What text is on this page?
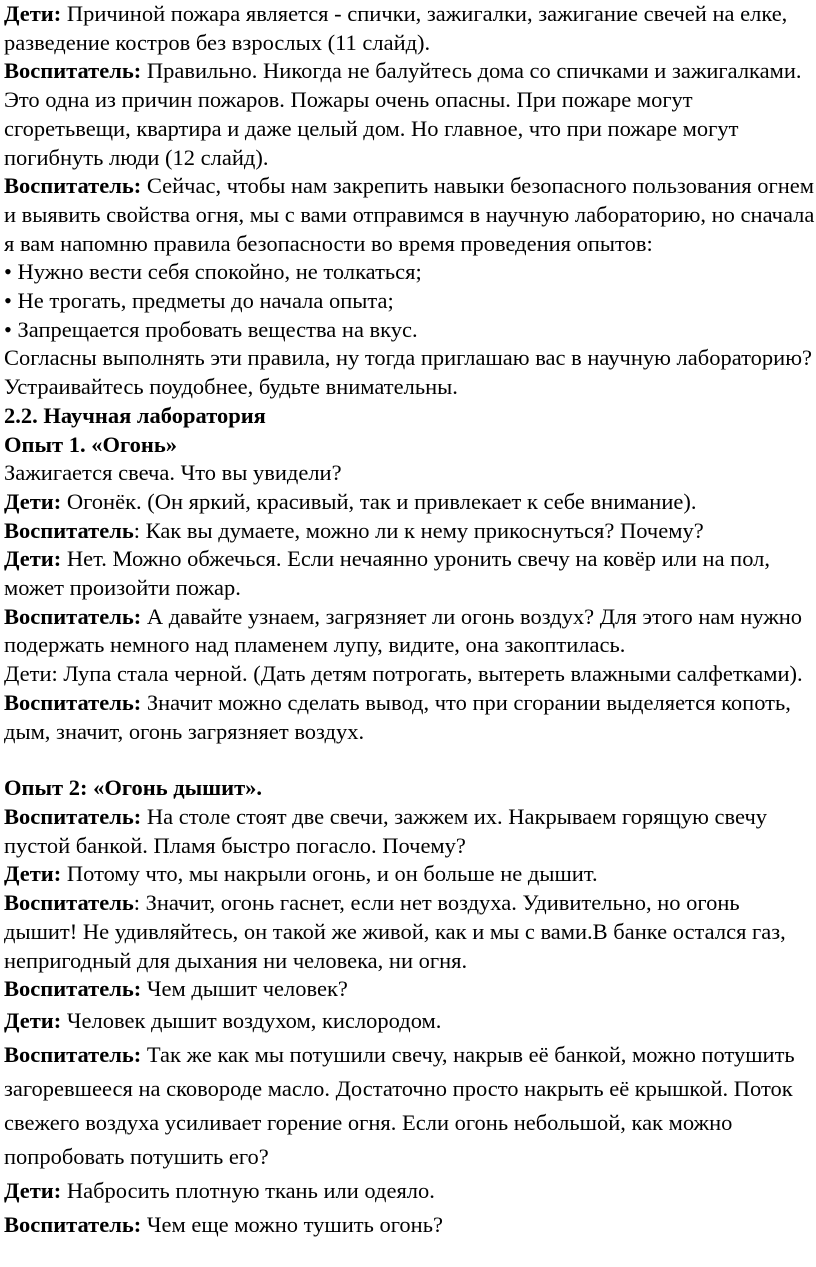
Дети: Причиной пожара является - спички, зажигалки, зажигание свечей на елке, разведение костров без взрослых (11 слайд).

Воспитатель: Правильно. Никогда не балуйтесь дома со спичками и зажигалками. Это одна из причин пожаров. Пожары очень опасны. При пожаре могут сгоретьвещи, квартира и даже целый дом. Но главное, что при пожаре могут погибнуть люди (12 слайд).

Воспитатель: Сейчас, чтобы нам закрепить навыки безопасного пользования огнем и выявить свойства огня, мы с вами отправимся в научную лабораторию, но сначала я вам напомню правила безопасности во время проведения опытов:

• Нужно вести себя спокойно, не толкаться;

• Не трогать, предметы до начала опыта;

• Запрещается пробовать вещества на вкус.

Согласны выполнять эти правила, ну тогда приглашаю вас в научную лабораторию? Устраивайтесь поудобнее, будьте внимательны.

2.2. Научная лаборатория

Опыт 1. «Огонь»

Зажигается свеча. Что вы увидели?

Дети: Огонёк. (Он яркий, красивый, так и привлекает к себе внимание).

Воспитатель: Как вы думаете, можно ли к нему прикоснуться? Почему?

Дети: Нет. Можно обжечься. Если нечаянно уронить свечу на ковёр или на пол, может произойти пожар.

Воспитатель: А давайте узнаем, загрязняет ли огонь воздух? Для этого нам нужно подержать немного над пламенем лупу, видите, она закоптилась.

Дети: Лупа стала черной. (Дать детям потрогать, вытереть влажными салфетками).

Воспитатель: Значит можно сделать вывод, что при сгорании выделяется копоть, дым, значит, огонь загрязняет воздух.

Опыт 2: «Огонь дышит».

Воспитатель: На столе стоят две свечи, зажжем их. Накрываем горящую свечу пустой банкой. Пламя быстро погасло. Почему?

Дети: Потому что, мы накрыли огонь, и он больше не дышит.

Воспитатель: Значит, огонь гаснет, если нет воздуха. Удивительно, но огонь дышит! Не удивляйтесь, он такой же живой, как и мы с вами.В банке остался газ, непригодный для дыхания ни человека, ни огня.

Воспитатель: Чем дышит человек?

Дети: Человек дышит воздухом, кислородом.

Воспитатель: Так же как мы потушили свечу, накрыв её банкой, можно потушить загоревшееся на сковороде масло. Достаточно просто накрыть её крышкой. Поток свежего воздуха усиливает горение огня. Если огонь небольшой, как можно попробовать потушить его?

Дети: Набросить плотную ткань или одеяло.

Воспитатель: Чем еще можно тушить огонь?
